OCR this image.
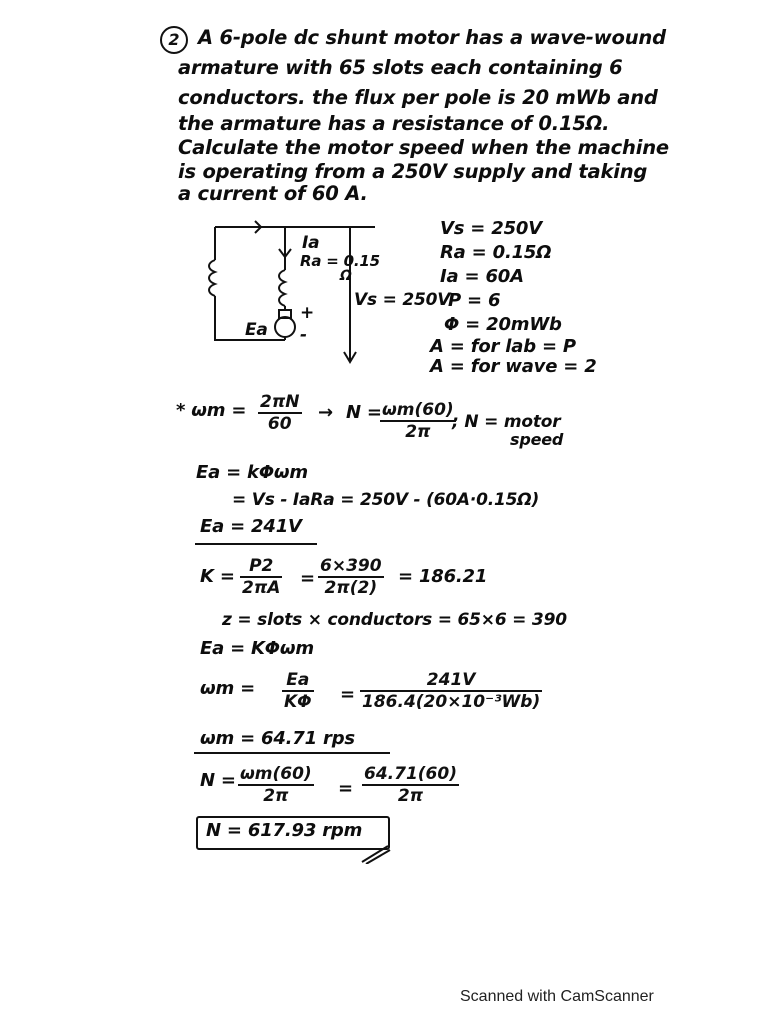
2 A 6-pole dc shunt motor has a wave-wound
armature with 65 slots each containing 6
conductors. the flux per pole is 20 mWb and
the armature has a resistance of 0.15Ω.
Calculate the motor speed when the machine
is operating from a 250V supply and taking
a current of 60 A.
Ia
Ra = 0.15
Ω
+
-
Ea
Vs = 250V
Vs = 250V
Ra = 0.15Ω
Ia = 60A
P = 6
Φ = 20mWb
A = for lab = P
A = for wave = 2
* $\omega m = \frac{2\pi N}{60} \to N$ =
$\frac{\omega m(60)}{2\pi}$
; N = motor
speed
Ea = kΦωm
= Vs - IaRa = 250V - (60A·0.15Ω)
Ea = 241V
$K = \frac{P2}{2\pi A} = \frac{6\times 390}{2\pi(2)} = 186.21$
z = slots × conductors = 65×6 = 390
Ea = KΦωm
$\omega m = \frac{Ea}{K\Phi} = \frac{241V}{\text{186.4(20×10⁻³Wb)}}$
ωm = 64.71 rps
$N = \frac{\omega m(60)}{2\pi} = \frac{64.71(60)}{2\pi}$
N = 617.93 rpm
Scanned with CamScanner
